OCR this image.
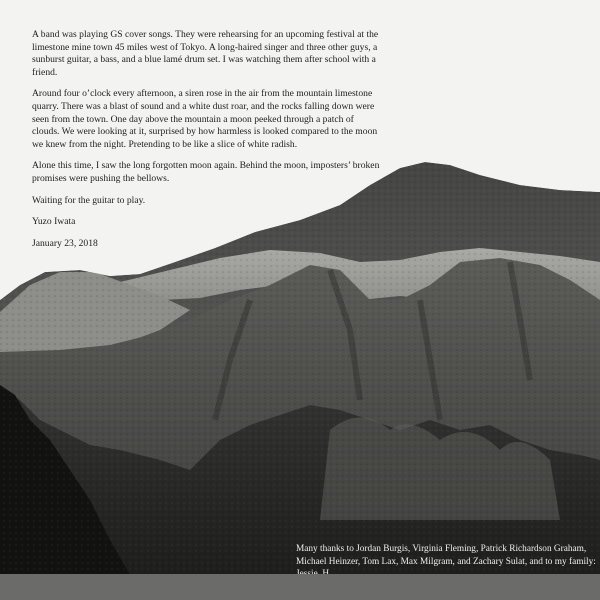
A band was playing GS cover songs. They were rehearsing for an upcoming festival at the limestone mine town 45 miles west of Tokyo. A long-haired singer and three other guys, a sunburst guitar, a bass, and a blue lamé drum set. I was watching them after school with a friend.

Around four o’clock every afternoon, a siren rose in the air from the mountain limestone quarry. There was a blast of sound and a white dust roar, and the rocks falling down were seen from the town. One day above the mountain a moon peeked through a patch of clouds. We were looking at it, surprised by how harmless is looked compared to the moon we knew from the night. Pretending to be like a slice of white radish.

Alone this time, I saw the long forgotten moon again. Behind the moon, imposters’ broken promises were pushing the bellows.

Waiting for the guitar to play.

Yuzo Iwata

January 23, 2018

Many thanks to Jordan Burgis, Virginia Fleming, Patrick Richardson Graham, Michael Heinzer, Tom Lax, Max Milgram, and Zachary Sulat, and to my family:
